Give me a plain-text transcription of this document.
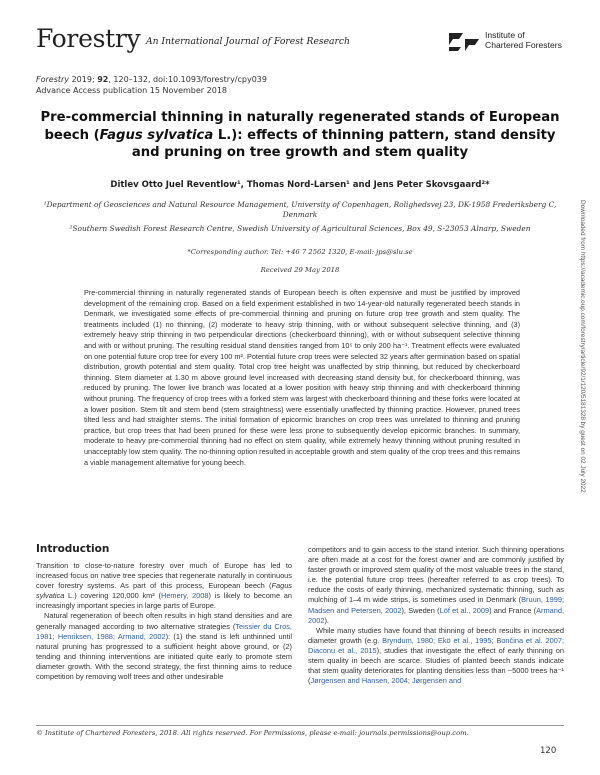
Forestry An International Journal of Forest Research
Institute of
Chartered Foresters
Forestry 2019; 92, 120–132, doi:10.1093/forestry/cpy039
Advance Access publication 15 November 2018
Pre-commercial thinning in naturally regenerated stands of European beech (Fagus sylvatica L.): effects of thinning pattern, stand density and pruning on tree growth and stem quality
Ditlev Otto Juel Reventlow¹, Thomas Nord-Larsen¹ and Jens Peter Skovsgaard²*
¹Department of Geosciences and Natural Resource Management, University of Copenhagen, Rolighedsvej 23, DK-1958 Frederiksberg C,
Denmark
²Southern Swedish Forest Research Centre, Swedish University of Agricultural Sciences, Box 49, S-23053 Alnarp, Sweden
*Corresponding author. Tel: +46 7 2562 1320, E-mail: jps@slu.se
Received 29 May 2018
Pre-commercial thinning in naturally regenerated stands of European beech is often expensive and must be justified by improved development of the remaining crop. Based on a field experiment established in two 14-year-old naturally regenerated beech stands in Denmark, we investigated some effects of pre-commercial thinning and pruning on future crop tree growth and stem quality. The treatments included (1) no thinning, (2) moderate to heavy strip thinning, with or without subsequent selective thinning, and (3) extremely heavy strip thinning in two perpendicular directions (checkerboard thinning), with or without subsequent selective thinning and with or without pruning. The resulting residual stand densities ranged from 10⁵ to only 200 ha⁻¹. Treatment effects were evaluated on one potential future crop tree for every 100 m². Potential future crop trees were selected 32 years after germination based on spatial distribution, growth potential and stem quality. Total crop tree height was unaffected by strip thinning, but reduced by checkerboard thinning. Stem diameter at 1.30 m above ground level increased with decreasing stand density but, for checkerboard thinning, was reduced by pruning. The lower live branch was located at a lower position with heavy strip thinning and with checkerboard thinning without pruning. The frequency of crop trees with a forked stem was largest with checkerboard thinning and these forks were located at a lower position. Stem tilt and stem bend (stem straightness) were essentially unaffected by thinning practice. However, pruned trees tilted less and had straighter stems. The initial formation of epicormic branches on crop trees was unrelated to thinning and pruning practice, but crop trees that had been pruned for these were less prone to subsequently develop epicormic branches. In summary, moderate to heavy pre-commercial thinning had no effect on stem quality, while extremely heavy thinning without pruning resulted in unacceptably low stem quality. The no-thinning option resulted in acceptable growth and stem quality of the crop trees and this remains a viable management alternative for young beech.
Introduction

Transition to close-to-nature forestry over much of Europe has led to increased focus on native tree species that regenerate naturally in continuous cover forestry systems. As part of this process, European beech (Fagus sylvatica L.) covering 120,000 km² (Hemery, 2008) is likely to become an increasingly important species in large parts of Europe.

Natural regeneration of beech often results in high stand densities and are generally managed according to two alternative strategies (Teissier du Cros, 1981; Henriksen, 1988; Armand, 2002): (1) the stand is left unthinned until natural pruning has progressed to a sufficient height above ground, or (2) tending and thinning interventions are initiated quite early to promote stem diameter growth. With the second strategy, the first thinning aims to reduce competition by removing wolf trees and other undesirable

competitors and to gain access to the stand interior. Such thinning operations are often made at a cost for the forest owner and are commonly justified by faster growth or improved stem quality of the most valuable trees in the stand, i.e. the potential future crop trees (hereafter referred to as crop trees). To reduce the costs of early thinning, mechanized systematic thinning, such as mulching of 1–4 m wide strips, is sometimes used in Denmark (Bruun, 1999; Madsen and Petersen, 2002), Sweden (Löf et al., 2009) and France (Armand, 2002).

While many studies have found that thinning of beech results in increased diameter growth (e.g. Bryndum, 1980; Ekö et al., 1995; Bončina et al. 2007; Diaconu et al., 2015), studies that investigate the effect of early thinning on stem quality in beech are scarce. Studies of planted beech stands indicate that stem quality deteriorates for planting densities less than ~5000 trees ha⁻¹ (Jørgensen and Hansen, 2004; Jørgensen and

© Institute of Chartered Foresters, 2018. All rights reserved. For Permissions, please e-mail: journals.permissions@oup.com.
120
Downloaded from https://academic.oup.com/forestry/article/92/1/120/5181328 by guest on 02 July 2022
